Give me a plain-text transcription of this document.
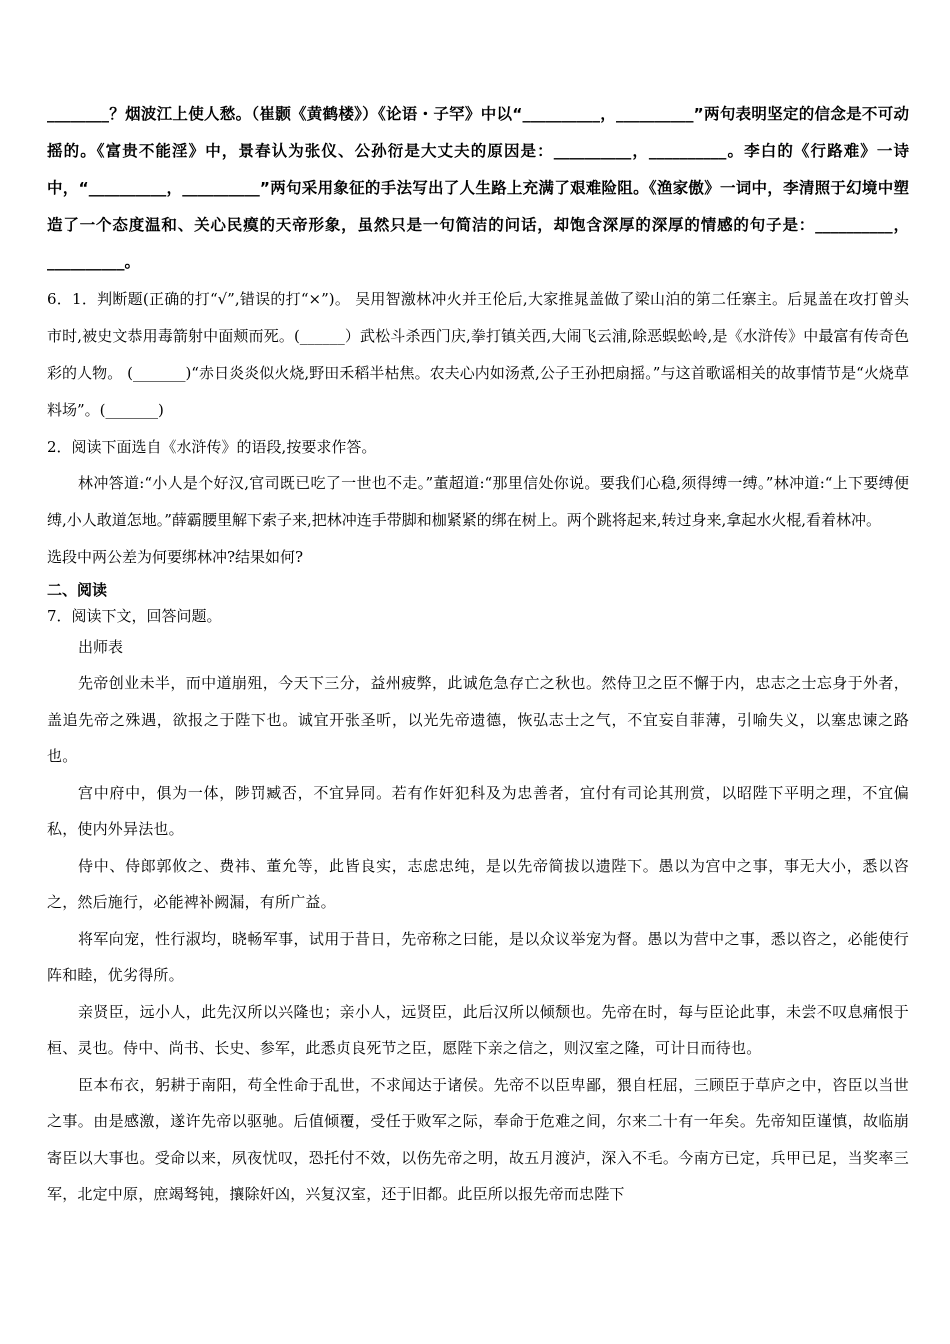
________？烟波江上使人愁。（崔颢《黄鹤楼》）《论语・子罕》中以“__________，__________”两句表明坚定的信念是不可动摇的。《富贵不能淫》中，景春认为张仪、公孙衍是大丈夫的原因是：__________，__________。李白的《行路难》一诗中，“__________，__________”两句采用象征的手法写出了人生路上充满了艰难险阻。《渔家傲》一词中，李清照于幻境中塑造了一个态度温和、关心民瘼的天帝形象，虽然只是一句简洁的问话，却饱含深厚的深厚的情感的句子是：__________，__________。

6．1．判断题(正确的打“√”,错误的打“×”)。 吴用智激林冲火并王伦后,大家推晁盖做了梁山泊的第二任寨主。后晁盖在攻打曾头市时,被史文恭用毒箭射中面颊而死。(______）武松斗杀西门庆,拳打镇关西,大闹飞云浦,除恶蜈蚣岭,是《水浒传》中最富有传奇色彩的人物。 (_______)“赤日炎炎似火烧,野田禾稻半枯焦。农夫心内如汤煮,公子王孙把扇摇。”与这首歌谣相关的故事情节是“火烧草料场”。(_______)

2．阅读下面选自《水浒传》的语段,按要求作答。

林冲答道:“小人是个好汉,官司既已吃了一世也不走。”董超道:“那里信处你说。要我们心稳,须得缚一缚。”林冲道:“上下要缚便缚,小人敢道怎地。”薛霸腰里解下索子来,把林冲连手带脚和枷紧紧的绑在树上。两个跳将起来,转过身来,拿起水火棍,看着林冲。

选段中两公差为何要绑林冲?结果如何?

二、阅读

7．阅读下文，回答问题。

出师表

先帝创业未半，而中道崩殂，今天下三分，益州疲弊，此诚危急存亡之秋也。然侍卫之臣不懈于内，忠志之士忘身于外者，盖追先帝之殊遇，欲报之于陛下也。诚宜开张圣听，以光先帝遗德，恢弘志士之气，不宜妄自菲薄，引喻失义，以塞忠谏之路也。

宫中府中，俱为一体，陟罚臧否，不宜异同。若有作奸犯科及为忠善者，宜付有司论其刑赏，以昭陛下平明之理，不宜偏私，使内外异法也。

侍中、侍郎郭攸之、费祎、董允等，此皆良实，志虑忠纯，是以先帝简拔以遗陛下。愚以为宫中之事，事无大小，悉以咨之，然后施行，必能裨补阙漏，有所广益。

将军向宠，性行淑均，晓畅军事，试用于昔日，先帝称之曰能，是以众议举宠为督。愚以为营中之事，悉以咨之，必能使行阵和睦，优劣得所。

亲贤臣，远小人，此先汉所以兴隆也；亲小人，远贤臣，此后汉所以倾颓也。先帝在时，每与臣论此事，未尝不叹息痛恨于桓、灵也。侍中、尚书、长史、参军，此悉贞良死节之臣，愿陛下亲之信之，则汉室之隆，可计日而待也。

臣本布衣，躬耕于南阳，苟全性命于乱世，不求闻达于诸侯。先帝不以臣卑鄙，猥自枉屈，三顾臣于草庐之中，咨臣以当世之事。由是感激，遂许先帝以驱驰。后值倾覆，受任于败军之际，奉命于危难之间，尔来二十有一年矣。先帝知臣谨慎，故临崩寄臣以大事也。受命以来，夙夜忧叹，恐托付不效，以伤先帝之明，故五月渡泸，深入不毛。今南方已定，兵甲已足，当奖率三军，北定中原，庶竭驽钝，攘除奸凶，兴复汉室，还于旧都。此臣所以报先帝而忠陛下
